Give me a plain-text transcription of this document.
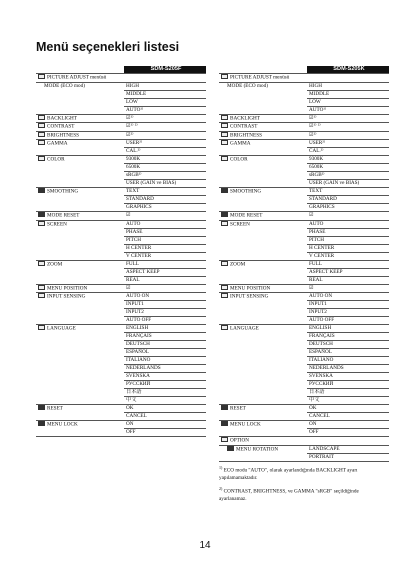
Menü seçenekleri listesi
	SDM-S205F
PICTURE ADJUST menüsü	
MODE (ECO mod)	HIGH
	MIDDLE
	LOW
	AUTO¹⁾
BACKLIGHT	☑¹⁾
CONTRAST	☑¹⁾ ²⁾
BRIGHTNESS	☑²⁾
GAMMA	USER²⁾
	CAL.²⁾
COLOR	9300K
	6500K
	sRGB²⁾
	USER (GAIN ve BIAS)
SMOOTHING	TEXT
	STANDARD
	GRAPHICS
MODE RESET	☑
SCREEN	AUTO
	PHASE
	PITCH
	H CENTER
	V CENTER
ZOOM	FULL
	ASPECT KEEP
	REAL
MENU POSITION	☑
INPUT SENSING	AUTO ON
	INPUT1
	INPUT2
	AUTO OFF
LANGUAGE	ENGLISH
	FRANÇAIS
	DEUTSCH
	ESPAÑOL
	ITALIANO
	NEDERLANDS
	SVENSKA
	РУССКИЙ
	日本語
	中文
RESET	OK
	CANCEL
MENU LOCK	ON
	OFF
	SDM-S205K
PICTURE ADJUST menüsü	
MODE (ECO mod)	HIGH
	MIDDLE
	LOW
	AUTO¹⁾
BACKLIGHT	☑¹⁾
CONTRAST	☑¹⁾ ²⁾
BRIGHTNESS	☑²⁾
GAMMA	USER²⁾
	CAL.²⁾
COLOR	9300K
	6500K
	sRGB²⁾
	USER (GAIN ve BIAS)
SMOOTHING	TEXT
	STANDARD
	GRAPHICS
MODE RESET	☑
SCREEN	AUTO
	PHASE
	PITCH
	H CENTER
	V CENTER
ZOOM	FULL
	ASPECT KEEP
	REAL
MENU POSITION	☑
INPUT SENSING	AUTO ON
	INPUT1
	INPUT2
	AUTO OFF
LANGUAGE	ENGLISH
	FRANÇAIS
	DEUTSCH
	ESPAÑOL
	ITALIANO
	NEDERLANDS
	SVENSKA
	РУССКИЙ
	日本語
	中文
RESET	OK
	CANCEL
MENU LOCK	ON
	OFF
OPTION	
MENU ROTATION	LANDSCAPE
	PORTRAIT

$^{1)}$ ECO modu "AUTO", olarak ayarlandığında BACKLIGHT ayarı yapılamamaktadır.

$^{2)}$ CONTRAST, BRIGHTNESS, ve GAMMA "sRGB" seçildiğinde ayarlanamaz.

14
